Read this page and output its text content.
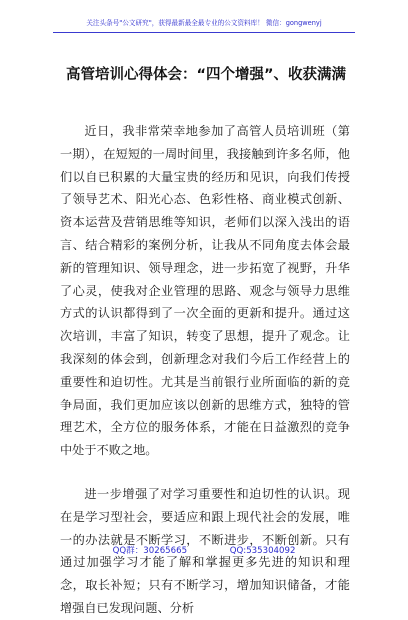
关注头条号"公文研究"，获得最新最全最专业的公文资料库！ 微信：gongwenyj
高管培训心得体会：“四个增强”、收获满满

近日，我非常荣幸地参加了高管人员培训班（第一期），在短短的一周时间里，我接触到许多名师，他们以自已积累的大量宝贵的经历和见识，向我们传授了领导艺术、阳光心态、色彩性格、商业模式创新、资本运营及营销思维等知识，老师们以深入浅出的语言、结合精彩的案例分析，让我从不同角度去体会最新的管理知识、领导理念，进一步拓宽了视野，升华了心灵，使我对企业管理的思路、观念与领导力思维方式的认识都得到了一次全面的更新和提升。通过这次培训，丰富了知识，转变了思想，提升了观念。让我深刻的体会到，创新理念对我们今后工作经营上的重要性和迫切性。尤其是当前银行业所面临的新的竞争局面，我们更加应该以创新的思维方式，独特的管理艺术，全方位的服务体系，才能在日益激烈的竞争中处于不败之地。

进一步增强了对学习重要性和迫切性的认识。现在是学习型社会，要适应和跟上现代社会的发展，唯一的办法就是不断学习，不断进步，不断创新。只有通过加强学习才能了解和掌握更多先进的知识和理念，取长补短；只有不断学习，增加知识储备，才能增强自已发现问题、分析

QQ群：30265665	QQ:535304092
